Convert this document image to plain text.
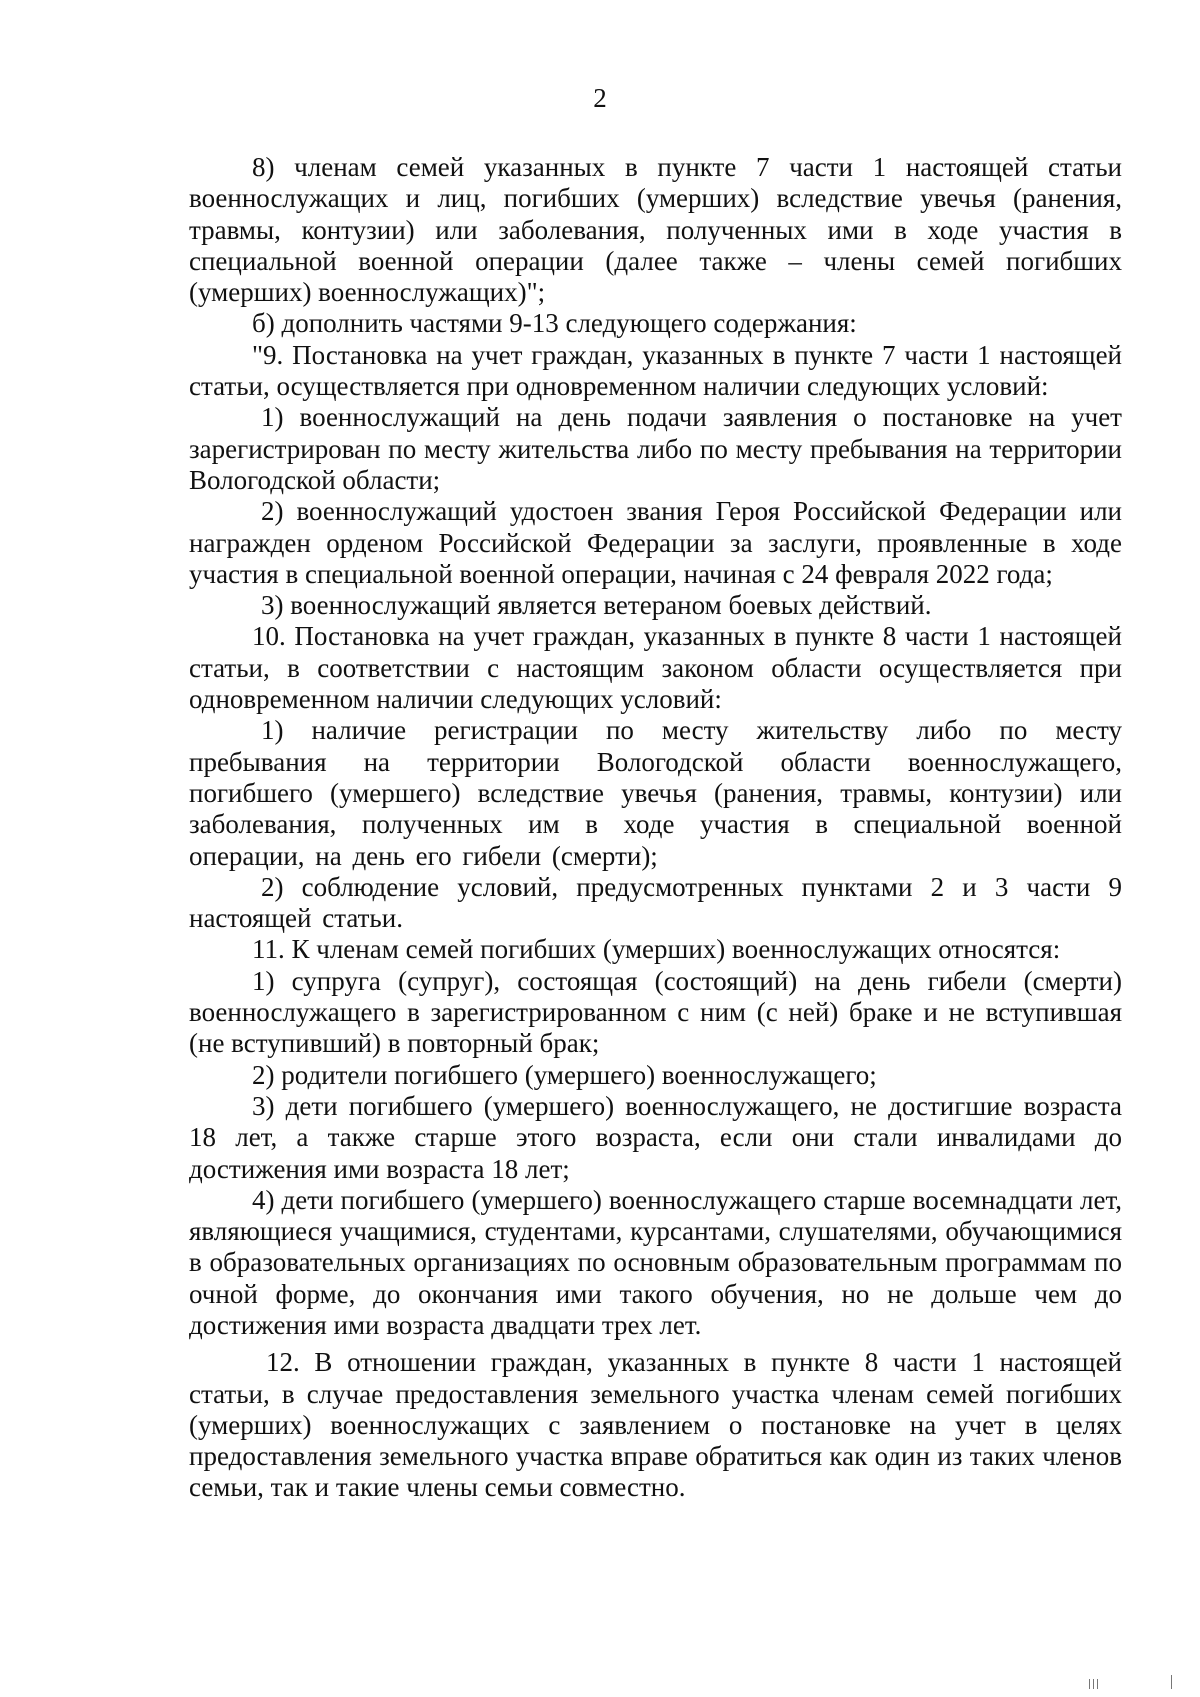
2

8) членам семей указанных в пункте 7 части 1 настоящей статьи военнослужащих и лиц, погибших (умерших) вследствие увечья (ранения, травмы, контузии) или заболевания, полученных ими в ходе участия в специальной военной операции (далее также – члены семей погибших (умерших) военнослужащих)";

б) дополнить частями 9-13 следующего содержания:

"9. Постановка на учет граждан, указанных в пункте 7 части 1 настоящей статьи, осуществляется при одновременном наличии следующих условий:

1) военнослужащий на день подачи заявления о постановке на учет зарегистрирован по месту жительства либо по месту пребывания на территории Вологодской области;

2) военнослужащий удостоен звания Героя Российской Федерации или награжден орденом Российской Федерации за заслуги, проявленные в ходе участия в специальной военной операции, начиная с 24 февраля 2022 года;

3) военнослужащий является ветераном боевых действий.

10. Постановка на учет граждан, указанных в пункте 8 части 1 настоящей статьи, в соответствии с настоящим законом области осуществляется при одновременном наличии следующих условий:

1) наличие регистрации по месту жительству либо по месту пребывания на территории Вологодской области военнослужащего, погибшего (умершего) вследствие увечья (ранения, травмы, контузии) или заболевания, полученных им в ходе участия в специальной военной операции, на день его гибели (смерти);

2) соблюдение условий, предусмотренных пунктами 2 и 3 части 9 настоящей статьи.

11. К членам семей погибших (умерших) военнослужащих относятся:

1) супруга (супруг), состоящая (состоящий) на день гибели (смерти) военнослужащего в зарегистрированном с ним (с ней) браке и не вступившая (не вступивший) в повторный брак;

2) родители погибшего (умершего) военнослужащего;

3) дети погибшего (умершего) военнослужащего, не достигшие возраста 18 лет, а также старше этого возраста, если они стали инвалидами до достижения ими возраста 18 лет;

4) дети погибшего (умершего) военнослужащего старше восемнадцати лет, являющиеся учащимися, студентами, курсантами, слушателями, обучающимися в образовательных организациях по основным образовательным программам по очной форме, до окончания ими такого обучения, но не дольше чем до достижения ими возраста двадцати трех лет.

12. В отношении граждан, указанных в пункте 8 части 1 настоящей статьи, в случае предоставления земельного участка членам семей погибших (умерших) военнослужащих с заявлением о постановке на учет в целях предоставления земельного участка вправе обратиться как один из таких членов семьи, так и такие члены семьи совместно.
